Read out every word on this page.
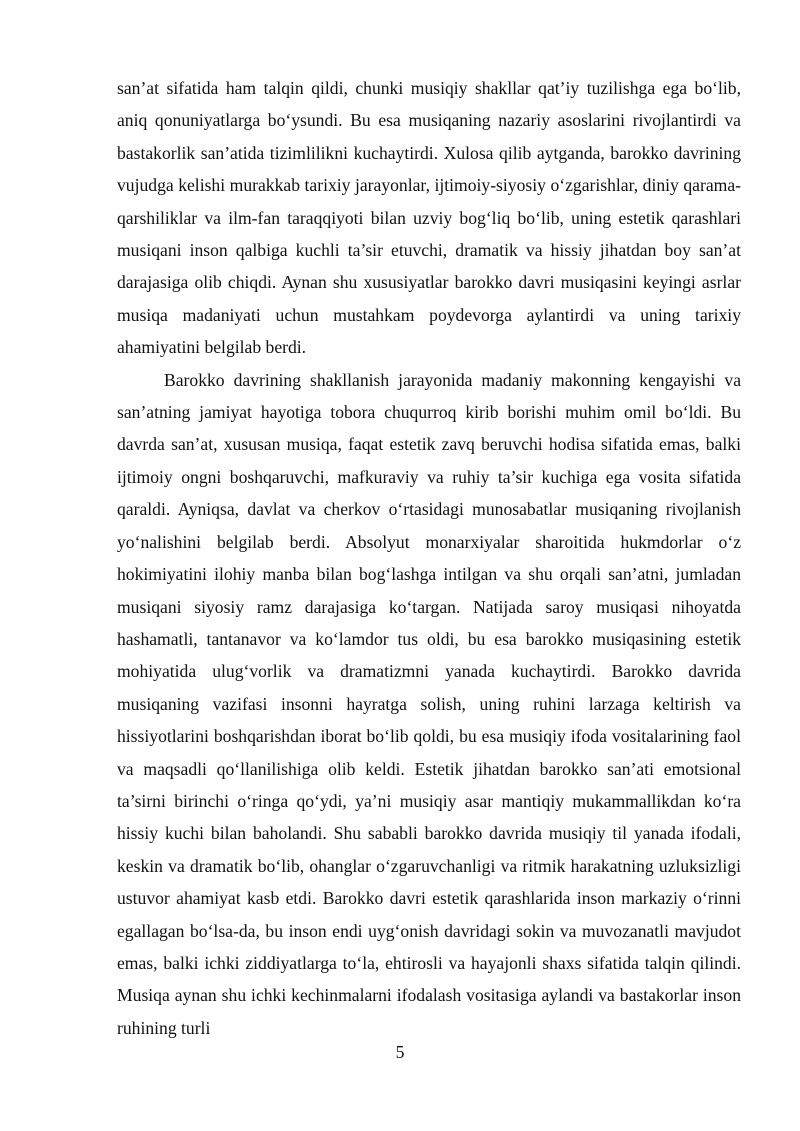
san’at sifatida ham talqin qildi, chunki musiqiy shakllar qat’iy tuzilishga ega bo‘lib, aniq qonuniyatlarga bo‘ysundi. Bu esa musiqaning nazariy asoslarini rivojlantirdi va bastakorlik san’atida tizimlilikni kuchaytirdi. Xulosa qilib aytganda, barokko davrining vujudga kelishi murakkab tarixiy jarayonlar, ijtimoiy-siyosiy o‘zgarishlar, diniy qarama-qarshiliklar va ilm-fan taraqqiyoti bilan uzviy bog‘liq bo‘lib, uning estetik qarashlari musiqani inson qalbiga kuchli ta’sir etuvchi, dramatik va hissiy jihatdan boy san’at darajasiga olib chiqdi. Aynan shu xususiyatlar barokko davri musiqasini keyingi asrlar musiqa madaniyati uchun mustahkam poydevorga aylantirdi va uning tarixiy ahamiyatini belgilab berdi.

Barokko davrining shakllanish jarayonida madaniy makonning kengayishi va san’atning jamiyat hayotiga tobora chuqurroq kirib borishi muhim omil bo‘ldi. Bu davrda san’at, xususan musiqa, faqat estetik zavq beruvchi hodisa sifatida emas, balki ijtimoiy ongni boshqaruvchi, mafkuraviy va ruhiy ta’sir kuchiga ega vosita sifatida qaraldi. Ayniqsa, davlat va cherkov o‘rtasidagi munosabatlar musiqaning rivojlanish yo‘nalishini belgilab berdi. Absolyut monarxiyalar sharoitida hukmdorlar o‘z hokimiyatini ilohiy manba bilan bog‘lashga intilgan va shu orqali san’atni, jumladan musiqani siyosiy ramz darajasiga ko‘targan. Natijada saroy musiqasi nihoyatda hashamatli, tantanavor va ko‘lamdor tus oldi, bu esa barokko musiqasining estetik mohiyatida ulug‘vorlik va dramatizmni yanada kuchaytirdi. Barokko davrida musiqaning vazifasi insonni hayratga solish, uning ruhini larzaga keltirish va hissiyotlarini boshqarishdan iborat bo‘lib qoldi, bu esa musiqiy ifoda vositalarining faol va maqsadli qo‘llanilishiga olib keldi. Estetik jihatdan barokko san’ati emotsional ta’sirni birinchi o‘ringa qo‘ydi, ya’ni musiqiy asar mantiqiy mukammallikdan ko‘ra hissiy kuchi bilan baholandi. Shu sababli barokko davrida musiqiy til yanada ifodali, keskin va dramatik bo‘lib, ohanglar o‘zgaruvchanligi va ritmik harakatning uzluksizligi ustuvor ahamiyat kasb etdi. Barokko davri estetik qarashlarida inson markaziy o‘rinni egallagan bo‘lsa-da, bu inson endi uyg‘onish davridagi sokin va muvozanatli mavjudot emas, balki ichki ziddiyatlarga to‘la, ehtirosli va hayajonli shaxs sifatida talqin qilindi. Musiqa aynan shu ichki kechinmalarni ifodalash vositasiga aylandi va bastakorlar inson ruhining turli

5
